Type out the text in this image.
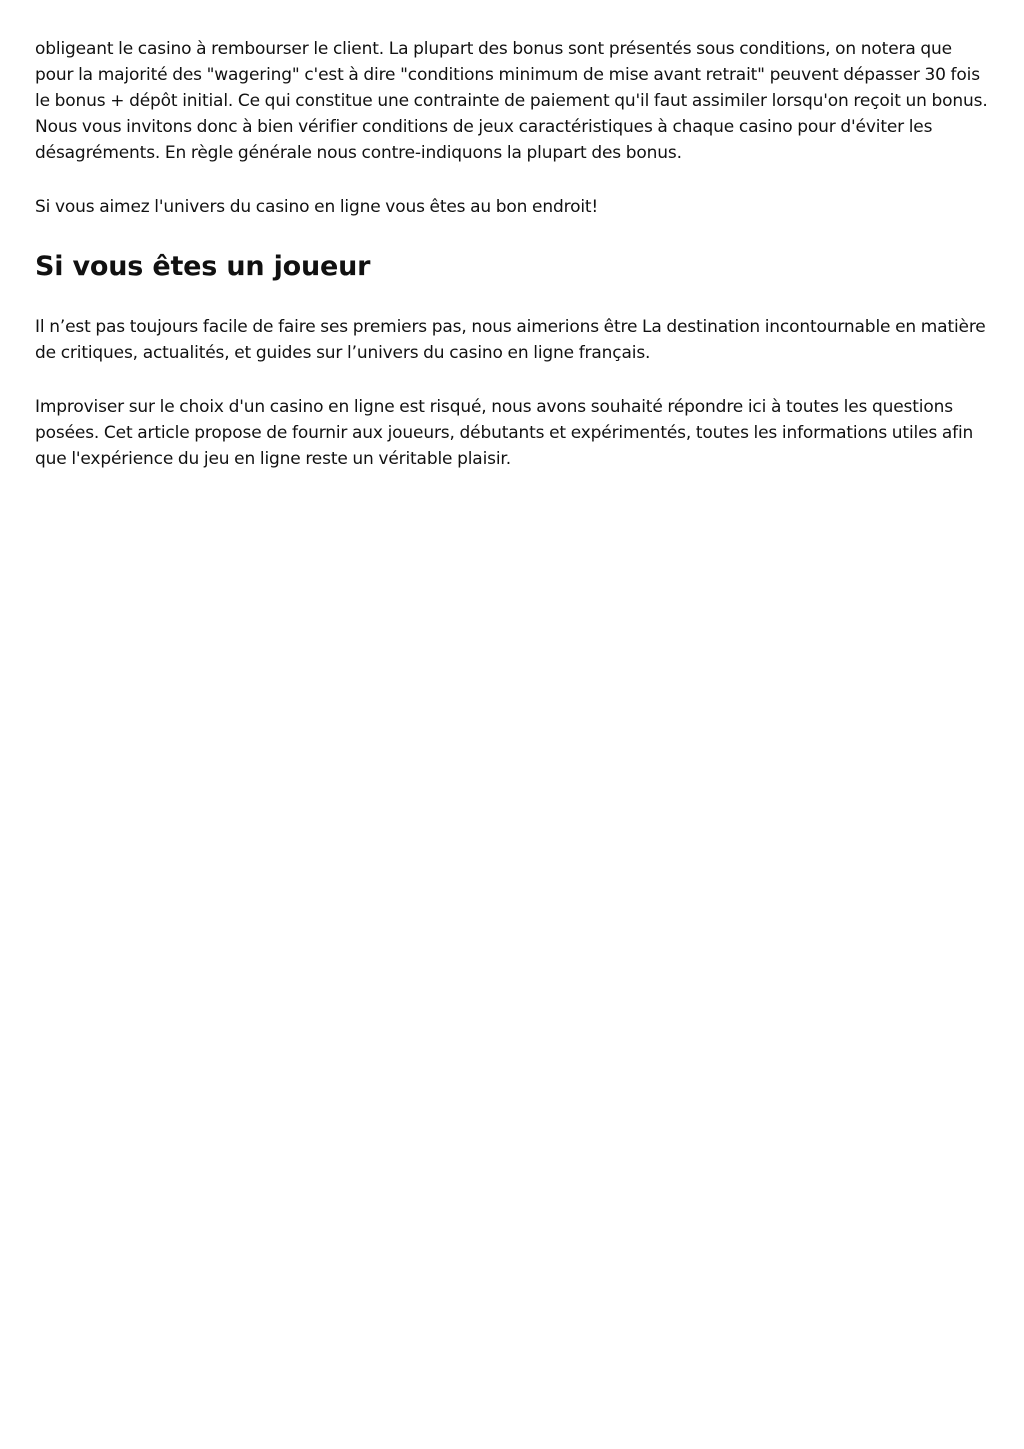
obligeant le casino à rembourser le client. La plupart des bonus sont présentés sous conditions, on notera que pour la majorité des "wagering" c'est à dire "conditions minimum de mise avant retrait" peuvent dépasser 30 fois le bonus + dépôt initial. Ce qui constitue une contrainte de paiement qu'il faut assimiler lorsqu'on reçoit un bonus. Nous vous invitons donc à bien vérifier conditions de jeux caractéristiques à chaque casino pour d'éviter les désagréments. En règle générale nous contre-indiquons la plupart des bonus.

Si vous aimez l'univers du casino en ligne vous êtes au bon endroit!

Si vous êtes un joueur

Il n’est pas toujours facile de faire ses premiers pas, nous aimerions être La destination incontournable en matière de critiques, actualités, et guides sur l’univers du casino en ligne français.

Improviser sur le choix d'un casino en ligne est risqué, nous avons souhaité répondre ici à toutes les questions posées. Cet article propose de fournir aux joueurs, débutants et expérimentés, toutes les informations utiles afin que l'expérience du jeu en ligne reste un véritable plaisir.
